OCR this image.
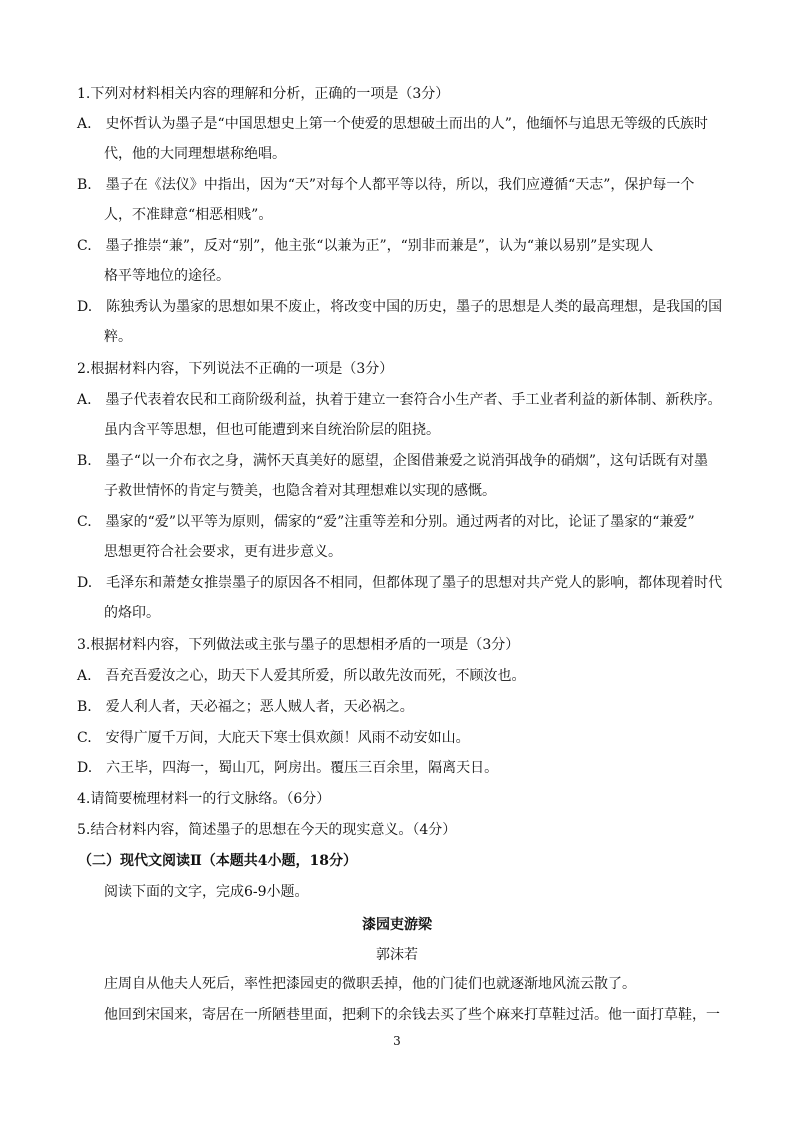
1.下列对材料相关内容的理解和分析，正确的一项是（3分）
A.　史怀哲认为墨子是“中国思想史上第一个使爱的思想破土而出的人”，他缅怀与追思无等级的氏族时
代，他的大同理想堪称绝唱。
B.　墨子在《法仪》中指出，因为“天”对每个人都平等以待，所以，我们应遵循“天志”，保护每一个
人，不准肆意“相恶相贱”。
C.　墨子推崇“兼”，反对“别”，他主张“以兼为正”，“别非而兼是”，认为“兼以易别”是实现人
格平等地位的途径。
D.　陈独秀认为墨家的思想如果不废止，将改变中国的历史，墨子的思想是人类的最高理想，是我国的国
粹。
2.根据材料内容，下列说法不正确的一项是（3分）
A.　墨子代表着农民和工商阶级利益，执着于建立一套符合小生产者、手工业者利益的新体制、新秩序。
虽内含平等思想，但也可能遭到来自统治阶层的阻挠。
B.　墨子“以一介布衣之身，满怀天真美好的愿望，企图借兼爱之说消弭战争的硝烟”，这句话既有对墨
子救世情怀的肯定与赞美，也隐含着对其理想难以实现的感慨。
C.　墨家的“爱”以平等为原则，儒家的“爱”注重等差和分别。通过两者的对比，论证了墨家的“兼爱”
思想更符合社会要求，更有进步意义。
D.　毛泽东和萧楚女推崇墨子的原因各不相同，但都体现了墨子的思想对共产党人的影响，都体现着时代
的烙印。
3.根据材料内容，下列做法或主张与墨子的思想相矛盾的一项是（3分）
A.　吾充吾爱汝之心，助天下人爱其所爱，所以敢先汝而死，不顾汝也。
B.　爱人利人者，天必福之；恶人贼人者，天必祸之。
C.　安得广厦千万间，大庇天下寒士俱欢颜！风雨不动安如山。
D.　六王毕，四海一，蜀山兀，阿房出。覆压三百余里，隔离天日。
4.请简要梳理材料一的行文脉络。（6分）
5.结合材料内容，简述墨子的思想在今天的现实意义。（4分）
（二）现代文阅读Ⅱ（本题共4小题，18分）
阅读下面的文字，完成6-9小题。
漆园吏游梁
郭沫若
庄周自从他夫人死后，率性把漆园吏的微职丢掉，他的门徒们也就逐渐地风流云散了。
他回到宋国来，寄居在一所陋巷里面，把剩下的余钱去买了些个麻来打草鞋过活。他一面打草鞋，一
3
